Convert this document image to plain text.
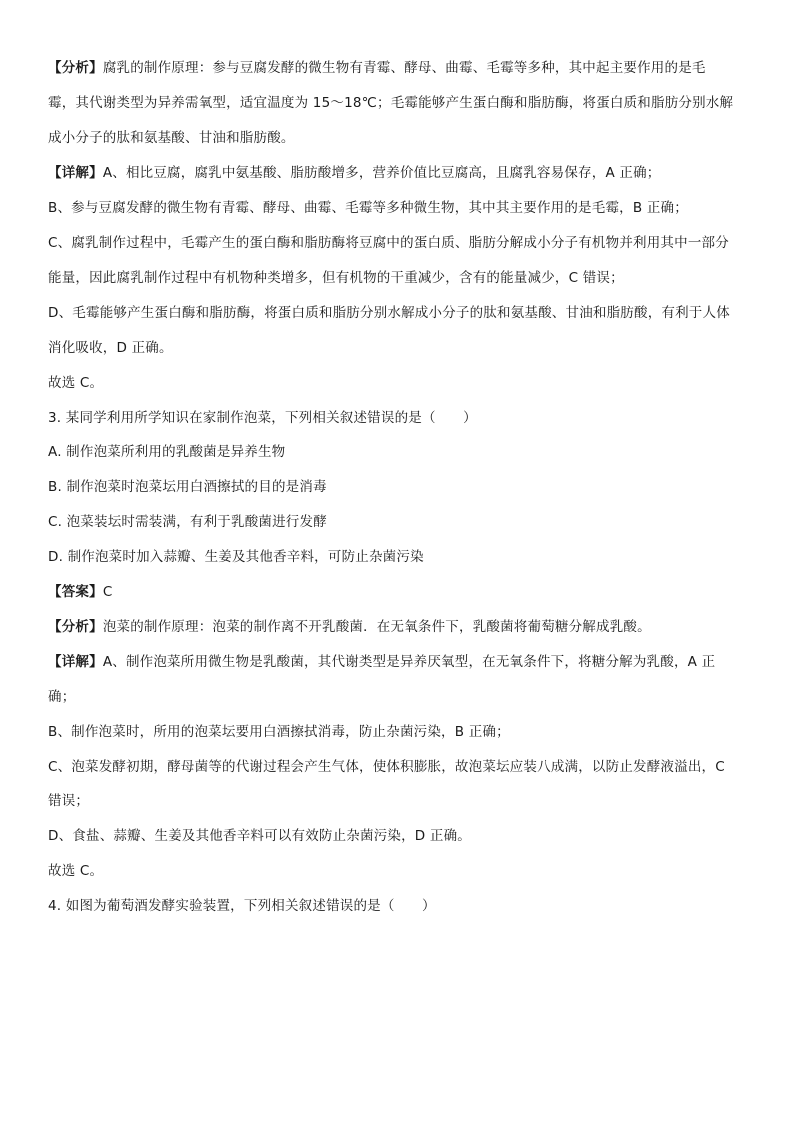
【分析】腐乳的制作原理：参与豆腐发酵的微生物有青霉、酵母、曲霉、毛霉等多种，其中起主要作用的是毛
霉，其代谢类型为异养需氧型，适宜温度为 15～18℃；毛霉能够产生蛋白酶和脂肪酶，将蛋白质和脂肪分别水解
成小分子的肽和氨基酸、甘油和脂肪酸。
【详解】A、相比豆腐，腐乳中氨基酸、脂肪酸增多，营养价值比豆腐高，且腐乳容易保存，A 正确；
B、参与豆腐发酵的微生物有青霉、酵母、曲霉、毛霉等多种微生物，其中其主要作用的是毛霉，B 正确；
C、腐乳制作过程中，毛霉产生的蛋白酶和脂肪酶将豆腐中的蛋白质、脂肪分解成小分子有机物并利用其中一部分
能量，因此腐乳制作过程中有机物种类增多，但有机物的干重减少，含有的能量减少，C 错误；
D、毛霉能够产生蛋白酶和脂肪酶，将蛋白质和脂肪分别水解成小分子的肽和氨基酸、甘油和脂肪酸，有利于人体
消化吸收，D 正确。
故选 C。
3. 某同学利用所学知识在家制作泡菜，下列相关叙述错误的是（　　）
A. 制作泡菜所利用的乳酸菌是异养生物
B. 制作泡菜时泡菜坛用白酒擦拭的目的是消毒
C. 泡菜装坛时需装满，有利于乳酸菌进行发酵
D. 制作泡菜时加入蒜瓣、生姜及其他香辛料，可防止杂菌污染
【答案】C
【分析】泡菜的制作原理：泡菜的制作离不开乳酸菌．在无氧条件下，乳酸菌将葡萄糖分解成乳酸。
【详解】A、制作泡菜所用微生物是乳酸菌，其代谢类型是异养厌氧型，在无氧条件下，将糖分解为乳酸，A 正
确；
B、制作泡菜时，所用的泡菜坛要用白酒擦拭消毒，防止杂菌污染，B 正确；
C、泡菜发酵初期，酵母菌等的代谢过程会产生气体，使体积膨胀，故泡菜坛应装八成满，以防止发酵液溢出，C
错误；
D、食盐、蒜瓣、生姜及其他香辛料可以有效防止杂菌污染，D 正确。
故选 C。
4. 如图为葡萄酒发酵实验装置，下列相关叙述错误的是（　　）
